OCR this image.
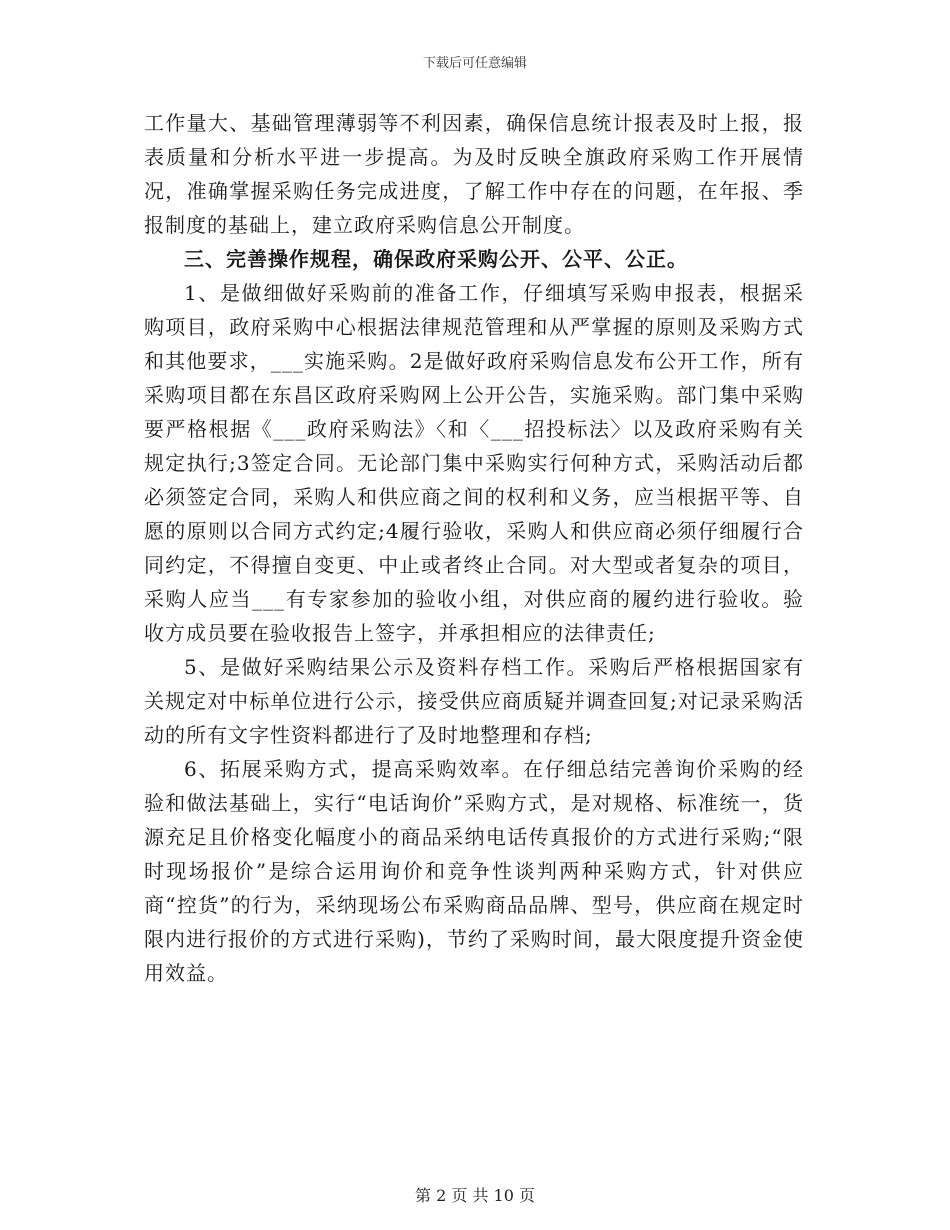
下载后可任意编辑

工作量大、基础管理薄弱等不利因素，确保信息统计报表及时上报，报表质量和分析水平进一步提高。为及时反映全旗政府采购工作开展情况，准确掌握采购任务完成进度，了解工作中存在的问题，在年报、季报制度的基础上，建立政府采购信息公开制度。

三、完善操作规程，确保政府采购公开、公平、公正。

1、是做细做好采购前的准备工作，仔细填写采购申报表，根据采购项目，政府采购中心根据法律规范管理和从严掌握的原则及采购方式和其他要求，___实施采购。2是做好政府采购信息发布公开工作，所有采购项目都在东昌区政府采购网上公开公告，实施采购。部门集中采购要严格根据《___政府采购法》〈和〈___招投标法〉以及政府采购有关规定执行;3签定合同。无论部门集中采购实行何种方式，采购活动后都必须签定合同，采购人和供应商之间的权利和义务，应当根据平等、自愿的原则以合同方式约定;4履行验收，采购人和供应商必须仔细履行合同约定，不得擅自变更、中止或者终止合同。对大型或者复杂的项目，采购人应当___有专家参加的验收小组，对供应商的履约进行验收。验收方成员要在验收报告上签字，并承担相应的法律责任;

5、是做好采购结果公示及资料存档工作。采购后严格根据国家有关规定对中标单位进行公示，接受供应商质疑并调查回复;对记录采购活动的所有文字性资料都进行了及时地整理和存档;

6、拓展采购方式，提高采购效率。在仔细总结完善询价采购的经验和做法基础上，实行“电话询价”采购方式，是对规格、标准统一，货源充足且价格变化幅度小的商品采纳电话传真报价的方式进行采购;“限时现场报价”是综合运用询价和竞争性谈判两种采购方式，针对供应商“控货”的行为，采纳现场公布采购商品品牌、型号，供应商在规定时限内进行报价的方式进行采购)，节约了采购时间，最大限度提升资金使用效益。

第 2 页 共 10 页
